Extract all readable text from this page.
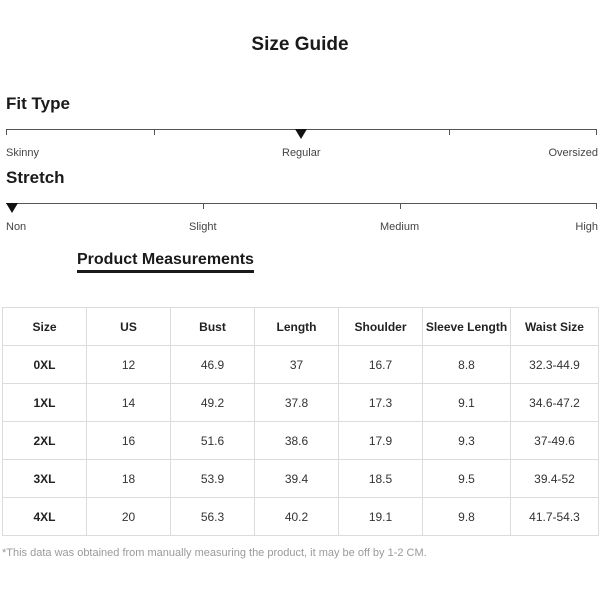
Size Guide
Fit Type
Skinny	Regular	Oversized
Stretch
Non	Slight	Medium	High
Product Measurements
Size	US	Bust	Length	Shoulder	Sleeve Length	Waist Size
0XL	12	46.9	37	16.7	8.8	32.3-44.9
1XL	14	49.2	37.8	17.3	9.1	34.6-47.2
2XL	16	51.6	38.6	17.9	9.3	37-49.6
3XL	18	53.9	39.4	18.5	9.5	39.4-52
4XL	20	56.3	40.2	19.1	9.8	41.7-54.3
*This data was obtained from manually measuring the product, it may be off by 1-2 CM.
